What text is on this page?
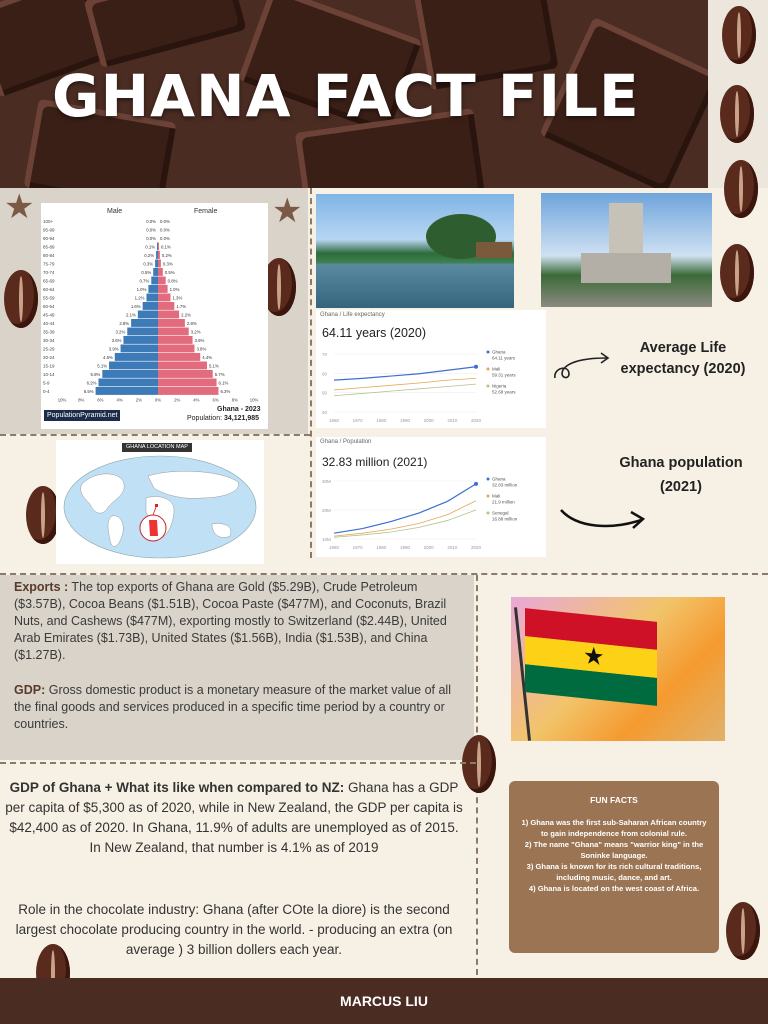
GHANA FACT FILE
★	★
Male	Female
100+	0.0% 0.0%
95-99	0.0% 0.0%
90-94	0.0% 0.0%
85-89	0.1% 0.1%
80-84	0.2% 0.2%
75-79	0.3% 0.3%
70-74	0.5%	0.5%
65-69	0.7%	0.8%
60-64	1.0%	1.0%
55-59	1.2%	1.3%
50-54	1.6%	1.7%
45-49	2.1%	2.2%
40-44	2.8%	2.8%
35-39	3.2%	3.2%
30-34	3.6%	3.6%
25-29	3.9%	3.8%
20-24	4.5%	4.4%
15-19	5.1%	5.1%
10-14	5.8%	5.7%
5-9	6.2%	6.1%
0-4	6.5%	6.3%
10%	8%	6%	4%	2%	0%	2%	4%	6%	8%	10%
PopulationPyramid.net
Ghana - 2023
Population: 34,121,985
Ghana / Life expectancy
64.11 years (2020)
70
60
50
40
1960	1970	1980	1990	2000	2010	2020
Ghana
64.11 years
Mali
59.31 years
Nigeria
52.68 years
Average Life expectancy (2020)
GHANA LOCATION MAP
Ghana / Population
32.83 million (2021)
30M
20M
10M
1960	1970	1980	1990	2000	2010	2020
Ghana
32.83 million
Mali
21.9 million
Senegal
16.88 million
Ghana population (2021)
Exports : The top exports of Ghana are Gold ($5.29B), Crude Petroleum ($3.57B), Cocoa Beans ($1.51B), Cocoa Paste ($477M), and Coconuts, Brazil Nuts, and Cashews ($477M), exporting mostly to Switzerland ($2.44B), United Arab Emirates ($1.73B), United States ($1.56B), India ($1.53B), and China ($1.27B).
GDP: Gross domestic product is a monetary measure of the market value of all the final goods and services produced in a specific time period by a country or countries.
★
GDP of Ghana + What its like when compared to NZ: Ghana has a GDP per capita of $5,300 as of 2020, while in New Zealand, the GDP per capita is $42,400 as of 2020. In Ghana, 11.9% of adults are unemployed as of 2015. In New Zealand, that number is 4.1% as of 2019
Role in the chocolate industry: Ghana (after COte la diore) is the second largest chocolate producing country in the world. - producing an extra (on average ) 3 billion dollers each year.
FUN FACTS
1) Ghana was the first sub-Saharan African country to gain independence from colonial rule.
2) The name "Ghana" means "warrior king" in the Soninke language.
3) Ghana is known for its rich cultural traditions, including music, dance, and art.
4) Ghana is located on the west coast of Africa.
MARCUS LIU
